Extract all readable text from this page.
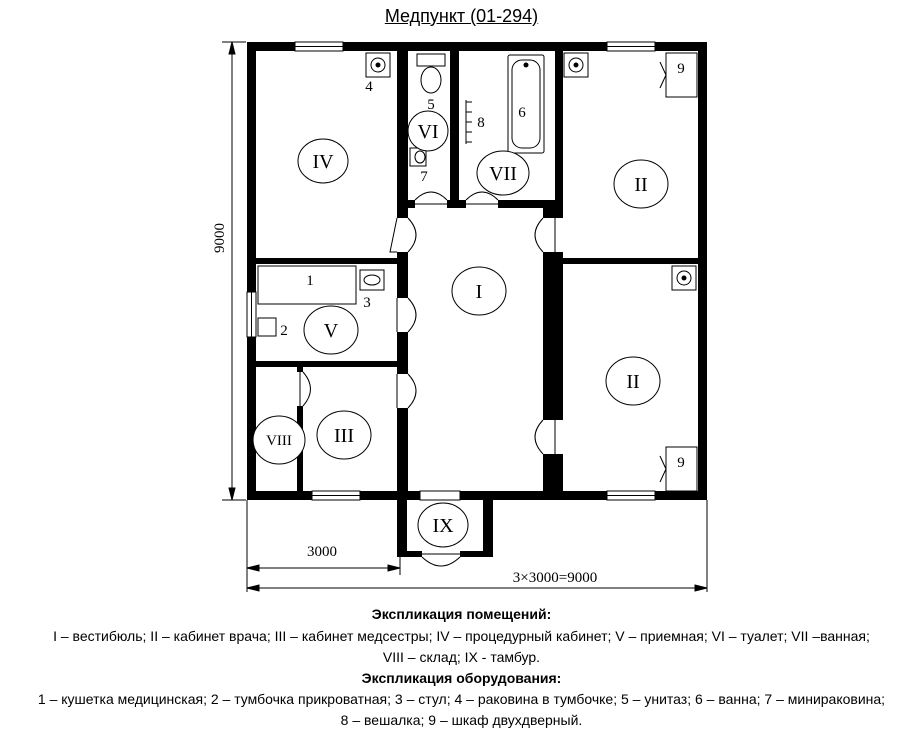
Медпункт (01-294)
9000
3000
3×3000=9000
IV
II
II
I
III
V
VI
VII
VIII
IX
1
2
3
4
5	6
7
8
9
9
Экспликация помещений:
I – вестибюль; II – кабинет врача; III – кабинет медсестры; IV – процедурный кабинет; V – приемная; VI – туалет; VII –ванная;
VIII – склад; IX - тамбур.
Экспликация оборудования:
1 – кушетка медицинская; 2 – тумбочка прикроватная; 3 – стул; 4 – раковина в тумбочке; 5 – унитаз; 6 – ванна; 7 – минираковина;
8 – вешалка; 9 – шкаф двухдверный.
